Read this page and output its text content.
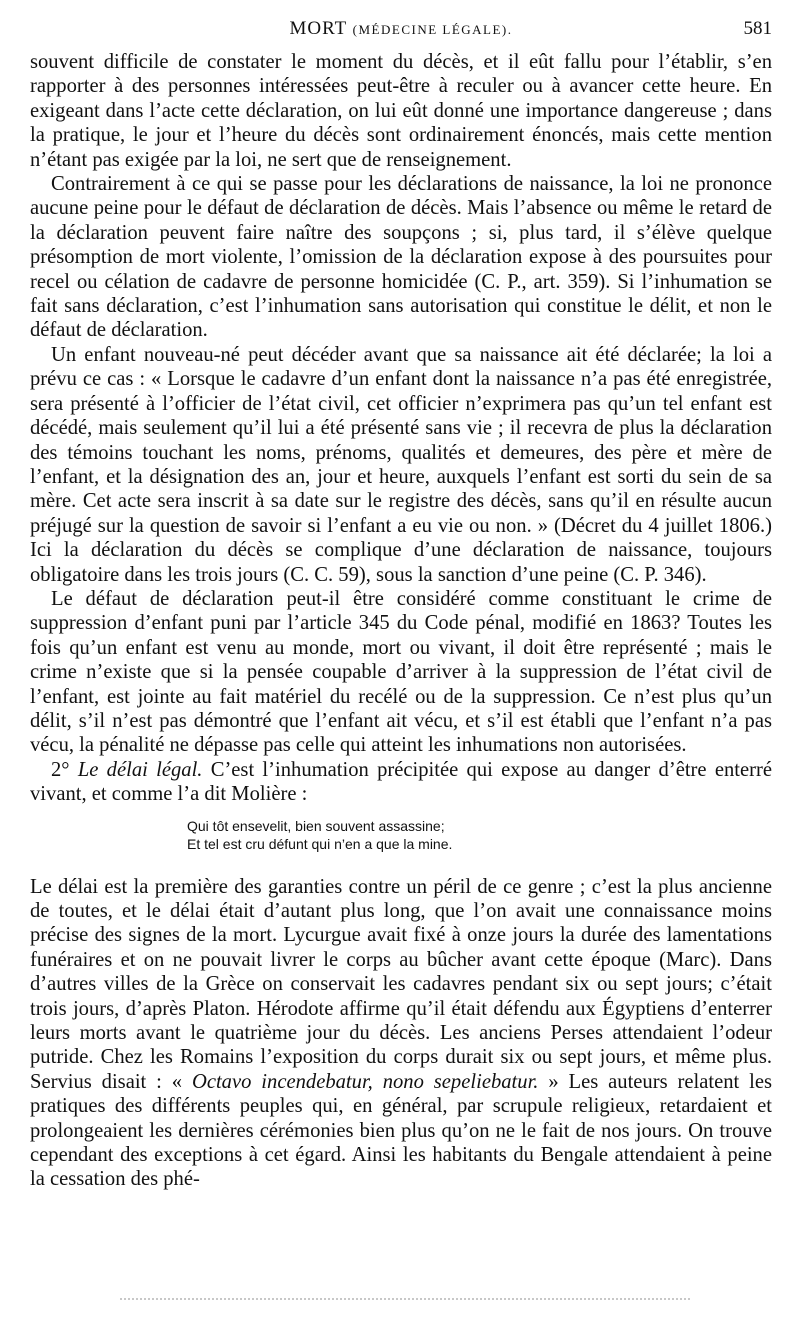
MORT (MÉDECINE LÉGALE).	581

souvent difficile de constater le moment du décès, et il eût fallu pour l’établir, s’en rapporter à des personnes intéressées peut-être à reculer ou à avancer cette heure. En exigeant dans l’acte cette déclaration, on lui eût donné une importance dangereuse ; dans la pratique, le jour et l’heure du décès sont ordinairement énoncés, mais cette mention n’étant pas exigée par la loi, ne sert que de renseignement.

Contrairement à ce qui se passe pour les déclarations de naissance, la loi ne prononce aucune peine pour le défaut de déclaration de décès. Mais l’absence ou même le retard de la déclaration peuvent faire naître des soupçons ; si, plus tard, il s’élève quelque présomption de mort violente, l’omission de la déclaration expose à des poursuites pour recel ou célation de cadavre de personne homicidée (C. P., art. 359). Si l’inhumation se fait sans déclaration, c’est l’inhumation sans autorisation qui constitue le délit, et non le défaut de déclaration.

Un enfant nouveau-né peut décéder avant que sa naissance ait été déclarée; la loi a prévu ce cas : « Lorsque le cadavre d’un enfant dont la naissance n’a pas été enregistrée, sera présenté à l’officier de l’état civil, cet officier n’exprimera pas qu’un tel enfant est décédé, mais seulement qu’il lui a été présenté sans vie ; il recevra de plus la déclaration des témoins touchant les noms, prénoms, qualités et demeures, des père et mère de l’enfant, et la désignation des an, jour et heure, auxquels l’enfant est sorti du sein de sa mère. Cet acte sera inscrit à sa date sur le registre des décès, sans qu’il en résulte aucun préjugé sur la question de savoir si l’enfant a eu vie ou non. » (Décret du 4 juillet 1806.) Ici la déclaration du décès se complique d’une déclaration de naissance, toujours obligatoire dans les trois jours (C. C. 59), sous la sanction d’une peine (C. P. 346).

Le défaut de déclaration peut-il être considéré comme constituant le crime de suppression d’enfant puni par l’article 345 du Code pénal, modifié en 1863? Toutes les fois qu’un enfant est venu au monde, mort ou vivant, il doit être représenté ; mais le crime n’existe que si la pensée coupable d’arriver à la suppression de l’état civil de l’enfant, est jointe au fait matériel du recélé ou de la suppression. Ce n’est plus qu’un délit, s’il n’est pas démontré que l’enfant ait vécu, et s’il est établi que l’enfant n’a pas vécu, la pénalité ne dépasse pas celle qui atteint les inhumations non autorisées.

2° Le délai légal. C’est l’inhumation précipitée qui expose au danger d’être enterré vivant, et comme l’a dit Molière :

Qui tôt ensevelit, bien souvent assassine;
Et tel est cru défunt qui n’en a que la mine.

Le délai est la première des garanties contre un péril de ce genre ; c’est la plus ancienne de toutes, et le délai était d’autant plus long, que l’on avait une connaissance moins précise des signes de la mort. Lycurgue avait fixé à onze jours la durée des lamentations funéraires et on ne pouvait livrer le corps au bûcher avant cette époque (Marc). Dans d’autres villes de la Grèce on conservait les cadavres pendant six ou sept jours; c’était trois jours, d’après Platon. Hérodote affirme qu’il était défendu aux Égyptiens d’enterrer leurs morts avant le quatrième jour du décès. Les anciens Perses attendaient l’odeur putride. Chez les Romains l’exposition du corps durait six ou sept jours, et même plus. Servius disait : « Octavo incendebatur, nono sepeliebatur. » Les auteurs relatent les pratiques des différents peuples qui, en général, par scrupule religieux, retardaient et prolongeaient les dernières cérémonies bien plus qu’on ne le fait de nos jours. On trouve cependant des exceptions à cet égard. Ainsi les habitants du Bengale attendaient à peine la cessation des phé-
